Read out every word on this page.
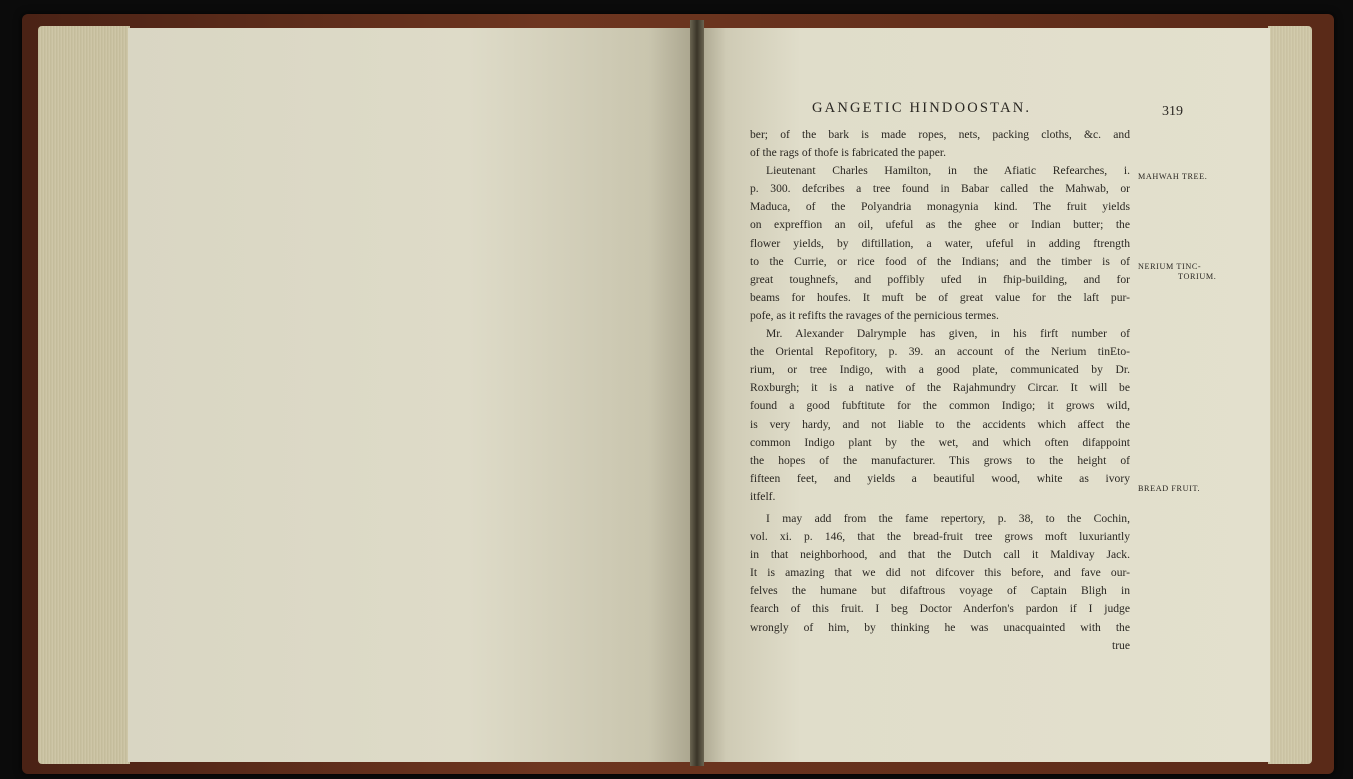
GANGETIC HINDOOSTAN.	319
MAHWAH TREE.
NERIUM TINC-
TORIUM.
BREAD FRUIT.
ber; of the bark is made ropes, nets, packing cloths, &c. and
of the rags of thofe is fabricated the paper.
Lieutenant Charles Hamilton, in the Afiatic Refearches, i.
p. 300. defcribes a tree found in Babar called the Mahwab, or
Maduca, of the Polyandria monagynia kind. The fruit yields
on expreffion an oil, ufeful as the ghee or Indian butter; the
flower yields, by diftillation, a water, ufeful in adding ftrength
to the Currie, or rice food of the Indians; and the timber is of
great toughnefs, and poffibly ufed in fhip-building, and for
beams for houfes. It muft be of great value for the laft pur-
pofe, as it refifts the ravages of the pernicious termes.
Mr. Alexander Dalrymple has given, in his firft number of
the Oriental Repofitory, p. 39. an account of the Nerium tinEto-
rium, or tree Indigo, with a good plate, communicated by Dr.
Roxburgh; it is a native of the Rajahmundry Circar. It will be
found a good fubftitute for the common Indigo; it grows wild,
is very hardy, and not liable to the accidents which affect the
common Indigo plant by the wet, and which often difappoint
the hopes of the manufacturer. This grows to the height of
fifteen feet, and yields a beautiful wood, white as ivory
itfelf.
I may add from the fame repertory, p. 38, to the Cochin,
vol. xi. p. 146, that the bread-fruit tree grows moft luxuriantly
in that neighborhood, and that the Dutch call it Maldivay Jack.
It is amazing that we did not difcover this before, and fave our-
felves the humane but difaftrous voyage of Captain Bligh in
fearch of this fruit. I beg Doctor Anderfon's pardon if I judge
wrongly of him, by thinking he was unacquainted with the
true
